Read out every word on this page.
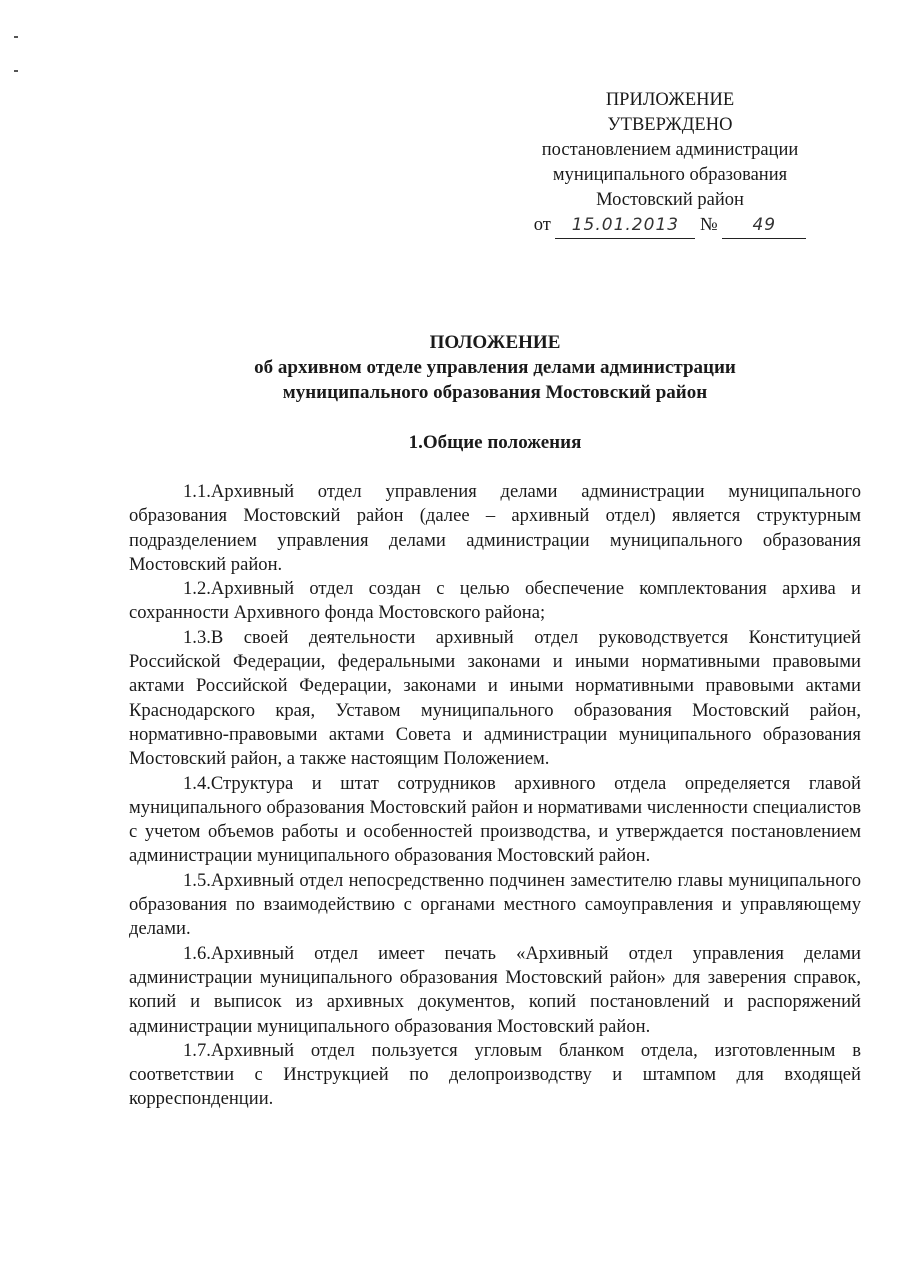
ПРИЛОЖЕНИЕ
УТВЕРЖДЕНО
постановлением администрации
муниципального образования
Мостовский район
от 15.01.2013 № 49
ПОЛОЖЕНИЕ
об архивном отделе управления делами администрации
муниципального образования Мостовский район
1.Общие положения

1.1.Архивный отдел управления делами администрации муниципального образования Мостовский район (далее – архивный отдел) является структурным подразделением управления делами администрации муниципального образования Мостовский район.

1.2.Архивный отдел создан с целью обеспечение комплектования архива и сохранности Архивного фонда Мостовского района;

1.3.В своей деятельности архивный отдел руководствуется Конституцией Российской Федерации, федеральными законами и иными нормативными правовыми актами Российской Федерации, законами и иными нормативными правовыми актами Краснодарского края, Уставом муниципального образования Мостовский район, нормативно-правовыми актами Совета и администрации муниципального образования Мостовский район, а также настоящим Положением.

1.4.Структура и штат сотрудников архивного отдела определяется главой муниципального образования Мостовский район и нормативами численности специалистов с учетом объемов работы и особенностей производства, и утверждается постановлением администрации муниципального образования Мостовский район.

1.5.Архивный отдел непосредственно подчинен заместителю главы муниципального образования по взаимодействию с органами местного самоуправления и управляющему делами.

1.6.Архивный отдел имеет печать «Архивный отдел управления делами администрации муниципального образования Мостовский район» для заверения справок, копий и выписок из архивных документов, копий постановлений и распоряжений администрации муниципального образования Мостовский район.

1.7.Архивный отдел пользуется угловым бланком отдела, изготовленным в соответствии с Инструкцией по делопроизводству и штампом для входящей корреспонденции.
